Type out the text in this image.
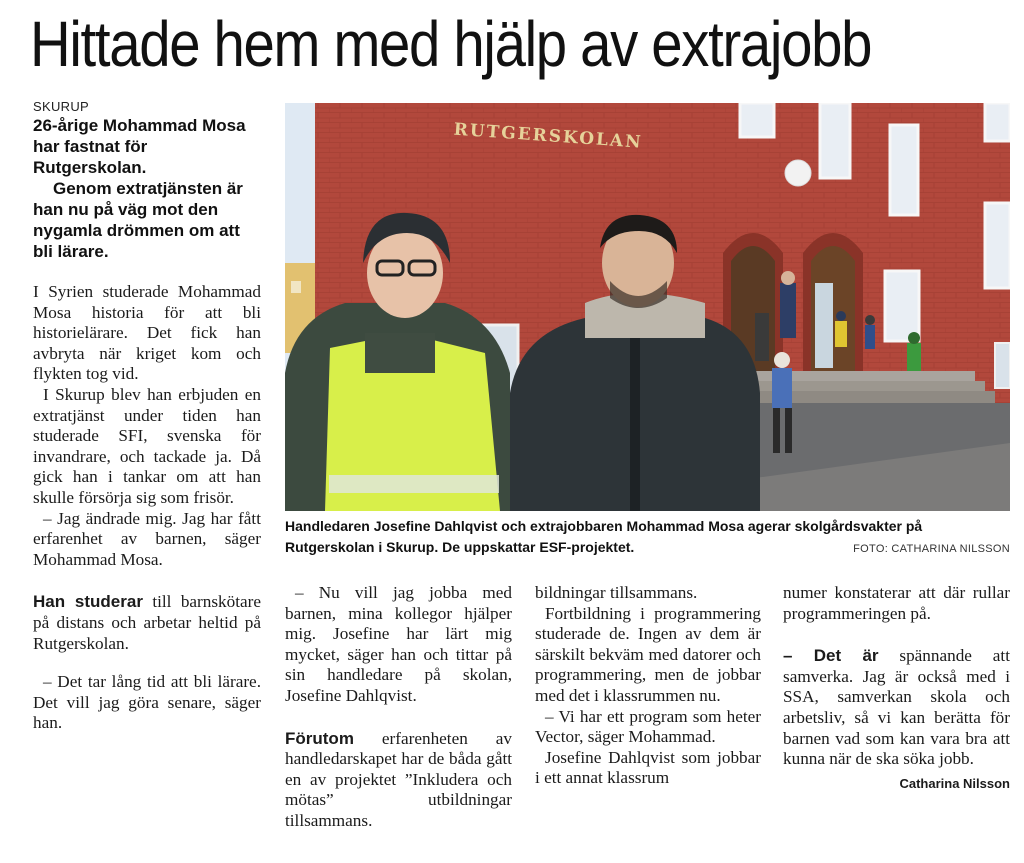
Hittade hem med hjälp av extrajobb
SKURUP
26-årige Mohammad Mosa har fastnat för Rutgerskolan.
Genom extratjänsten är han nu på väg mot den nygamla drömmen om att bli lärare.

I Syrien studerade Mohammad Mosa historia för att bli historielärare. Det fick han avbryta när kriget kom och flykten tog vid.

I Skurup blev han erbjuden en extratjänst under tiden han studerade SFI, svenska för invandrare, och tackade ja. Då gick han i tankar om att han skulle försörja sig som frisör.

– Jag ändrade mig. Jag har fått erfarenhet av barnen, säger Mohammad Mosa.

Han studerar till barnskötare på distans och arbetar heltid på Rutgerskolan.

– Det tar lång tid att bli lärare. Det vill jag göra senare, säger han.

RUTGERSKOLAN
Handledaren Josefine Dahlqvist och extrajobbaren Mohammad Mosa agerar skolgårdsvakter på Rutgerskolan i Skurup. De uppskattar ESF-projektet.	FOTO: CATHARINA NILSSON

– Nu vill jag jobba med barnen, mina kollegor hjälper mig. Josefine har lärt mig mycket, säger han och tittar på sin handledare på skolan, Josefine Dahlqvist.

Förutom erfarenheten av handledarskapet har de båda gått en av projektet ”Inkludera och mötas” utbildningar tillsammans.

bildningar tillsammans.

Fortbildning i programmering studerade de. Ingen av dem är särskilt bekväm med datorer och programmering, men de jobbar med det i klassrummen nu.

– Vi har ett program som heter Vector, säger Mohammad.

Josefine Dahlqvist som jobbar i ett annat klassrum

numer konstaterar att där rullar programmeringen på.

– Det är spännande att samverka. Jag är också med i SSA, samverkan skola och arbetsliv, så vi kan berätta för barnen vad som kan vara bra att kunna när de ska söka jobb.

Catharina Nilsson
